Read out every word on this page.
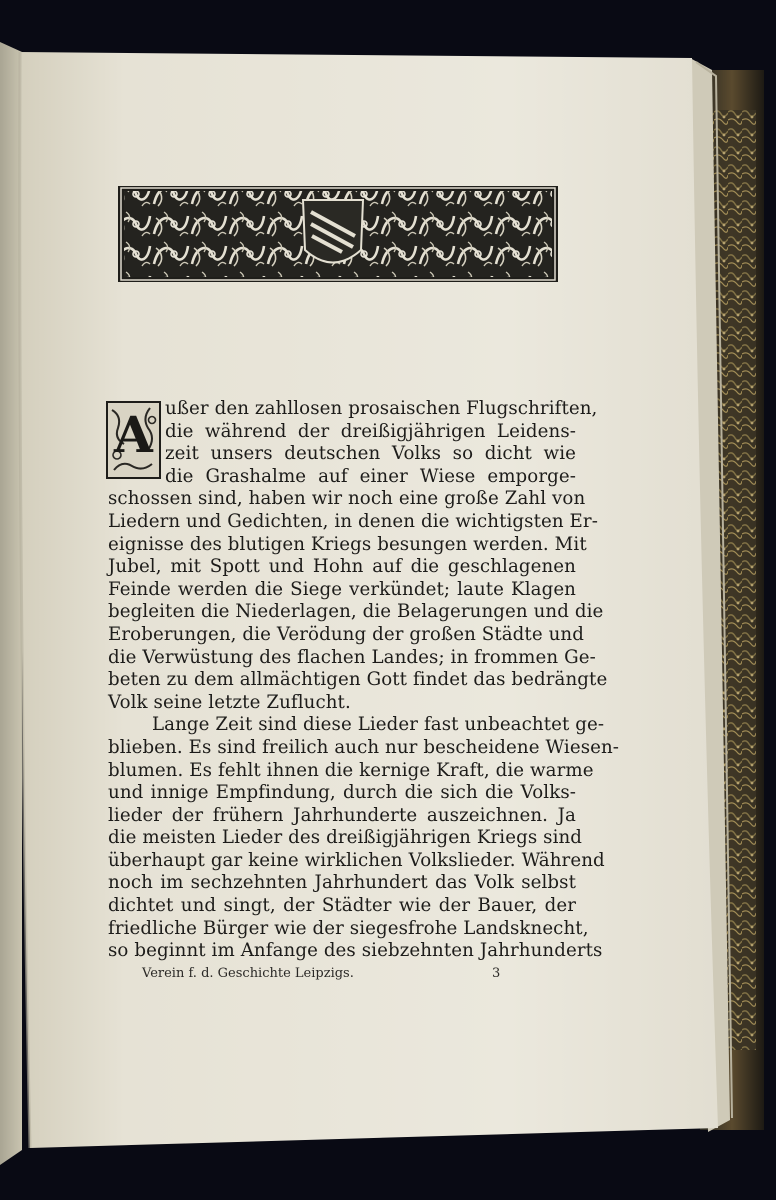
A ußer den zahllosen prosaischen Flugschriften,
die während der dreißigjährigen Leidens-
zeit unsers deutschen Volks so dicht wie
die Grashalme auf einer Wiese emporge-
schossen sind, haben wir noch eine große Zahl von
Liedern und Gedichten, in denen die wichtigsten Er-
eignisse des blutigen Kriegs besungen werden. Mit
Jubel, mit Spott und Hohn auf die geschlagenen
Feinde werden die Siege verkündet; laute Klagen
begleiten die Niederlagen, die Belagerungen und die
Eroberungen, die Verödung der großen Städte und
die Verwüstung des flachen Landes; in frommen Ge-
beten zu dem allmächtigen Gott findet das bedrängte
Volk seine letzte Zuflucht.
Lange Zeit sind diese Lieder fast unbeachtet ge-
blieben. Es sind freilich auch nur bescheidene Wiesen-
blumen. Es fehlt ihnen die kernige Kraft, die warme
und innige Empfindung, durch die sich die Volks-
lieder der frühern Jahrhunderte auszeichnen. Ja
die meisten Lieder des dreißigjährigen Kriegs sind
überhaupt gar keine wirklichen Volkslieder. Während
noch im sechzehnten Jahrhundert das Volk selbst
dichtet und singt, der Städter wie der Bauer, der
friedliche Bürger wie der siegesfrohe Landsknecht,
so beginnt im Anfange des siebzehnten Jahrhunderts
Verein f. d. Geschichte Leipzigs.	3
